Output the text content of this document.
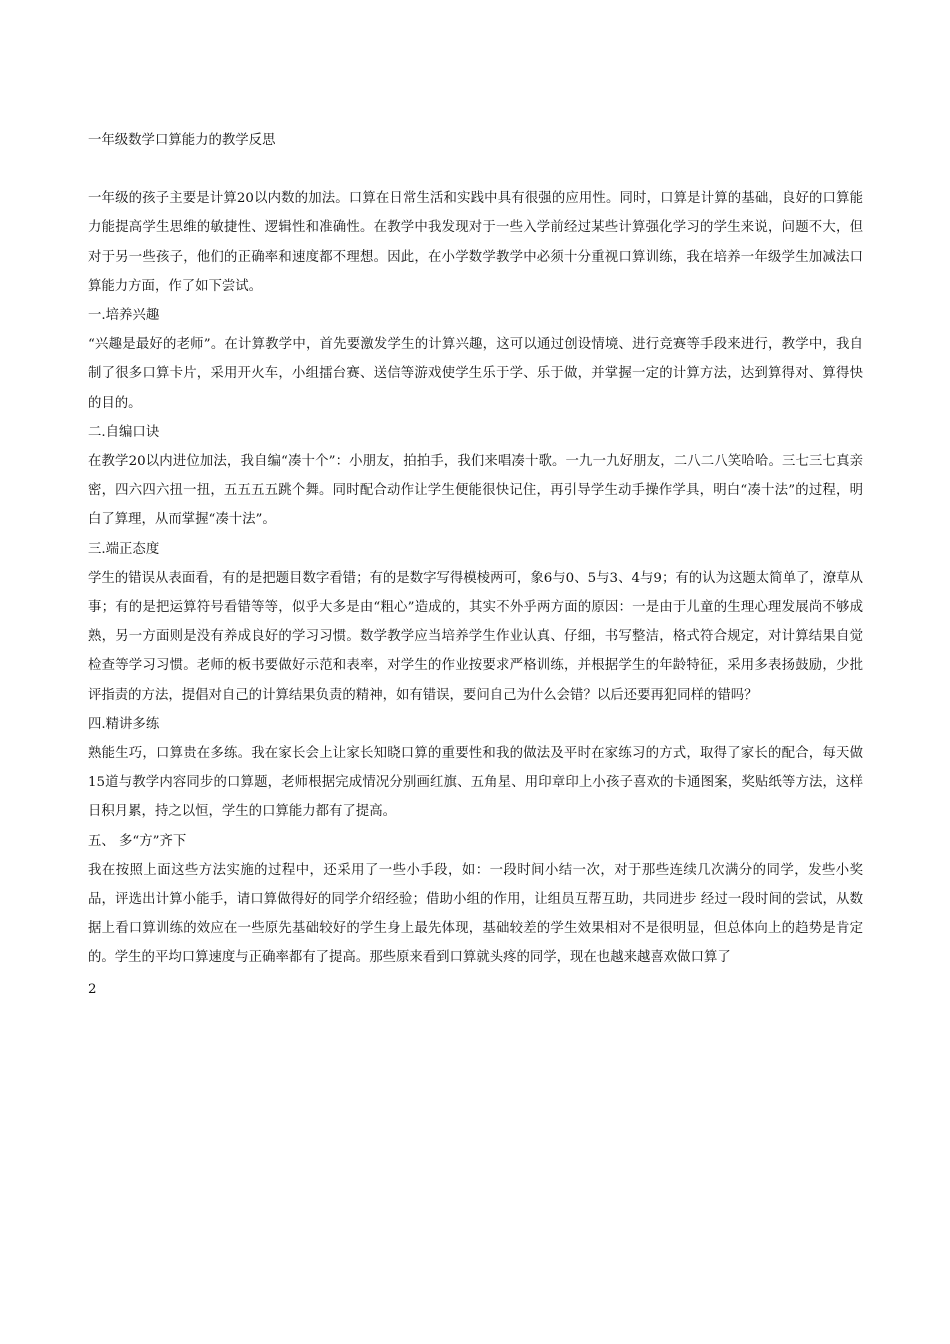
一年级数学口算能力的教学反思

一年级的孩子主要是计算20以内数的加法。口算在日常生活和实践中具有很强的应用性。同时，口算是计算的基础，良好的口算能力能提高学生思维的敏捷性、逻辑性和准确性。在教学中我发现对于一些入学前经过某些计算强化学习的学生来说，问题不大，但对于另一些孩子，他们的正确率和速度都不理想。因此，在小学数学教学中必须十分重视口算训练，我在培养一年级学生加减法口算能力方面，作了如下尝试。

一.培养兴趣

“兴趣是最好的老师”。在计算教学中，首先要激发学生的计算兴趣，这可以通过创设情境、进行竞赛等手段来进行，教学中，我自制了很多口算卡片，采用开火车，小组擂台赛、送信等游戏使学生乐于学、乐于做，并掌握一定的计算方法，达到算得对、算得快的目的。

二.自编口诀

在教学20以内进位加法，我自编“凑十个”：小朋友，拍拍手，我们来唱凑十歌。一九一九好朋友，二八二八笑哈哈。三七三七真亲密，四六四六扭一扭，五五五五跳个舞。同时配合动作让学生便能很快记住，再引导学生动手操作学具，明白“凑十法”的过程，明白了算理，从而掌握“凑十法”。

三.端正态度

学生的错误从表面看，有的是把题目数字看错；有的是数字写得模棱两可，象6与0、5与3、4与9；有的认为这题太简单了，潦草从事；有的是把运算符号看错等等，似乎大多是由“粗心”造成的，其实不外乎两方面的原因：一是由于儿童的生理心理发展尚不够成熟，另一方面则是没有养成良好的学习习惯。数学教学应当培养学生作业认真、仔细，书写整洁，格式符合规定，对计算结果自觉检查等学习习惯。老师的板书要做好示范和表率，对学生的作业按要求严格训练，并根据学生的年龄特征，采用多表扬鼓励，少批评指责的方法，提倡对自己的计算结果负责的精神，如有错误，要问自己为什么会错？以后还要再犯同样的错吗？

四.精讲多练

熟能生巧，口算贵在多练。我在家长会上让家长知晓口算的重要性和我的做法及平时在家练习的方式，取得了家长的配合，每天做15道与教学内容同步的口算题，老师根据完成情况分别画红旗、五角星、用印章印上小孩子喜欢的卡通图案，奖贴纸等方法，这样日积月累，持之以恒，学生的口算能力都有了提高。

五、 多“方”齐下

我在按照上面这些方法实施的过程中，还采用了一些小手段，如：一段时间小结一次，对于那些连续几次满分的同学，发些小奖品，评选出计算小能手，请口算做得好的同学介绍经验；借助小组的作用，让组员互帮互助，共同进步 经过一段时间的尝试，从数据上看口算训练的效应在一些原先基础较好的学生身上最先体现，基础较差的学生效果相对不是很明显，但总体向上的趋势是肯定的。学生的平均口算速度与正确率都有了提高。那些原来看到口算就头疼的同学，现在也越来越喜欢做口算了

2
